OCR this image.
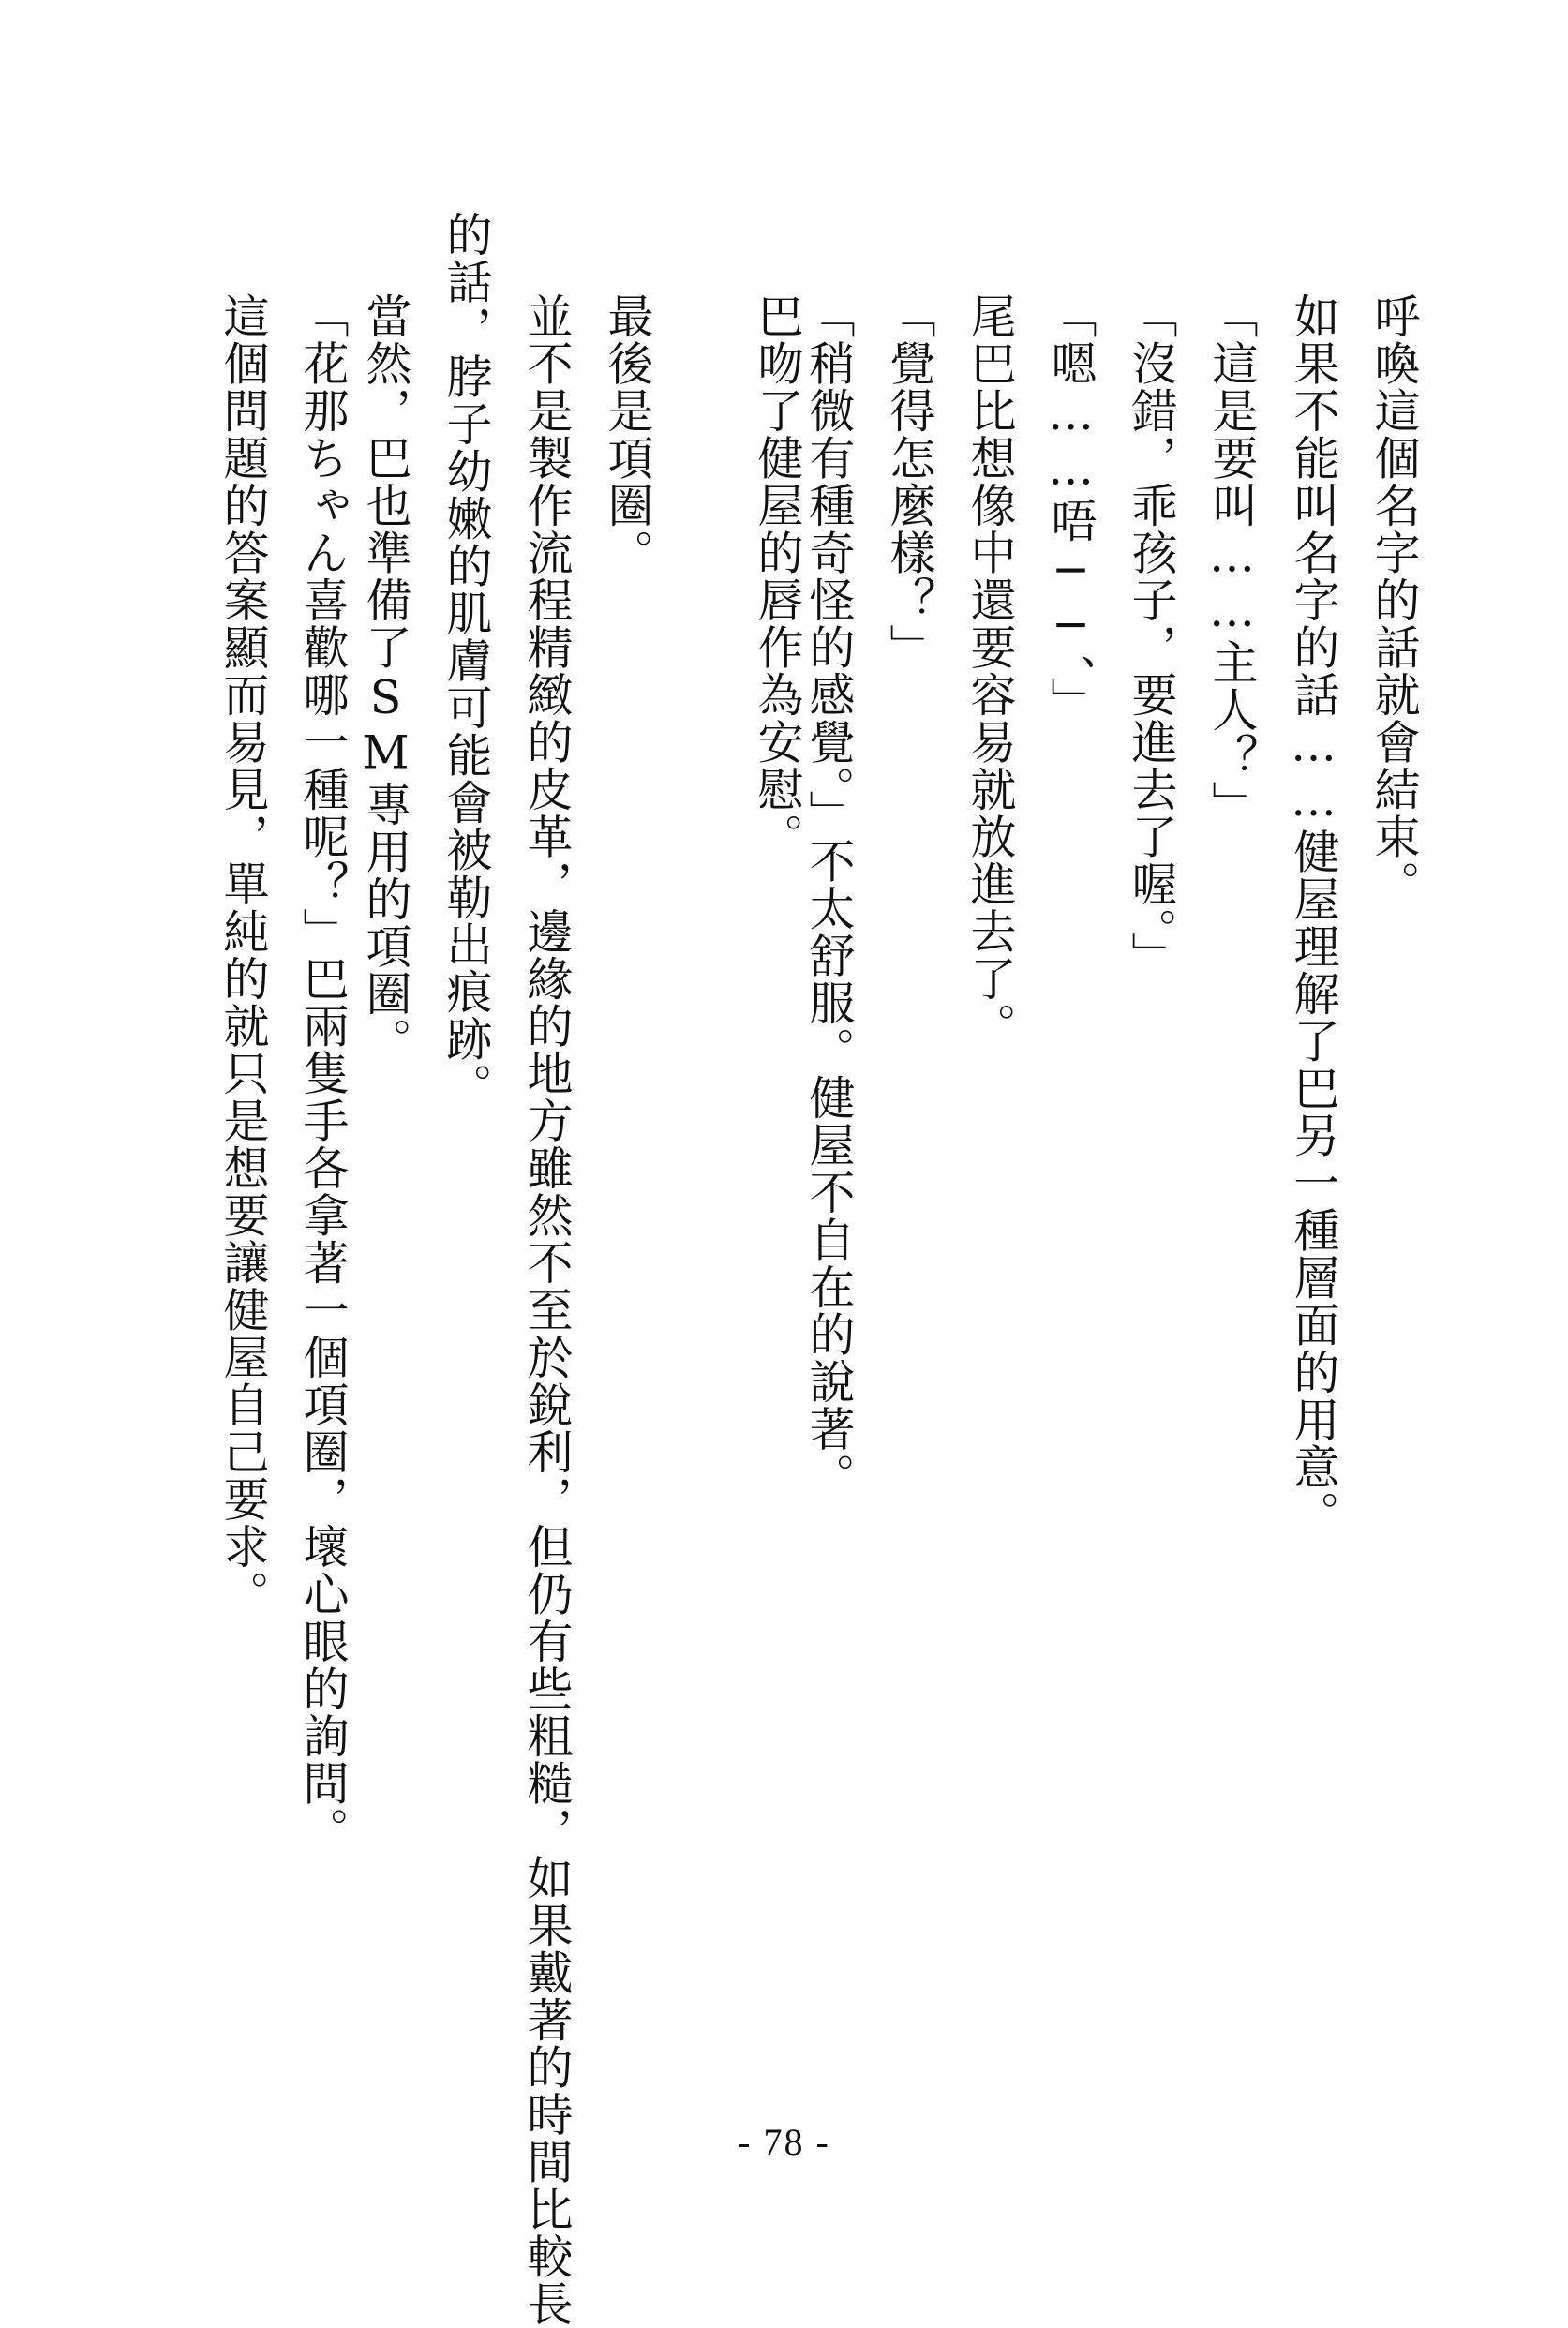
呼喚這個名字的話就會結束。

如果不能叫名字的話……健屋理解了巴另一種層面的用意。

「這是要叫……主人？」

「沒錯，乖孩子，要進去了喔。」

「嗯……唔──、」

尾巴比想像中還要容易就放進去了。

「覺得怎麼樣？」

「稍微有種奇怪的感覺。」不太舒服。健屋不自在的說著。

巴吻了健屋的唇作為安慰。

最後是項圈。

並不是製作流程精緻的皮革，邊緣的地方雖然不至於銳利，但仍有些粗糙，如果戴著的時間比較長

的話，脖子幼嫩的肌膚可能會被勒出痕跡。

當然，巴也準備了SM專用的項圈。

「花那ちゃん喜歡哪一種呢？」巴兩隻手各拿著一個項圈，壞心眼的詢問。

這個問題的答案顯而易見，單純的就只是想要讓健屋自己要求。

- 78 -
